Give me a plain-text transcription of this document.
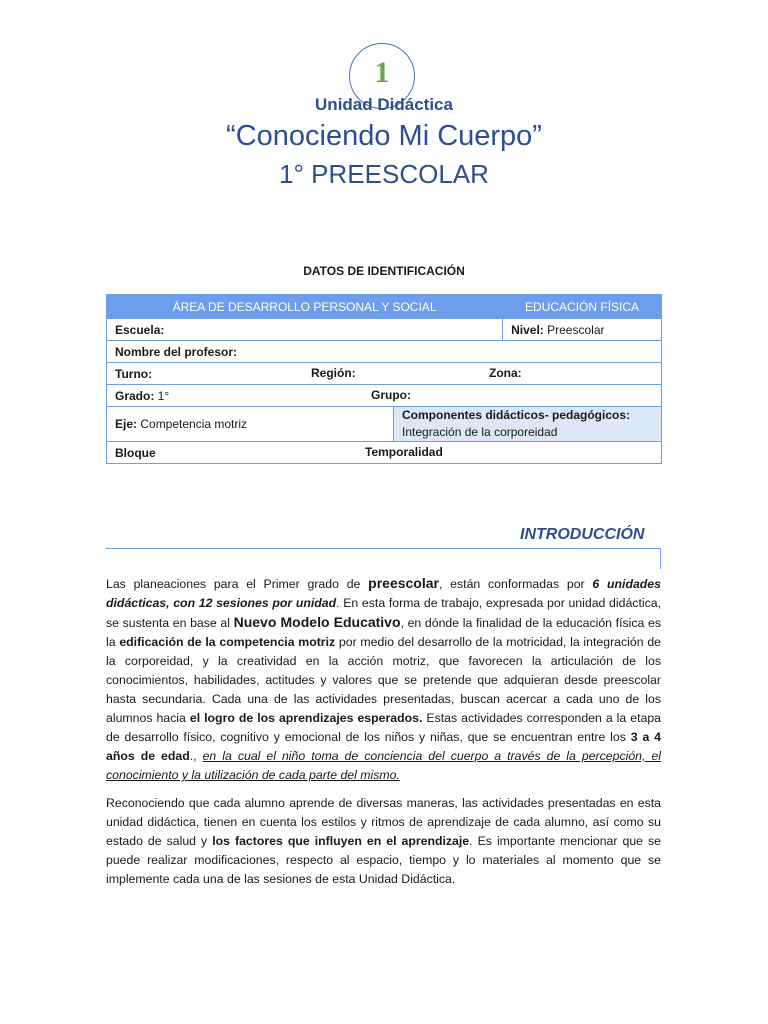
1
Unidad Didáctica
“Conociendo Mi Cuerpo”
1° PREESCOLAR
DATOS DE IDENTIFICACIÓN
ÁREA DE DESARROLLO PERSONAL Y SOCIAL		EDUCACIÓN FÍSICA
Escuela:		Nivel: Preescolar
Nombre del profesor:		
Turno: Región: Zona:		

Grado: 1° Grupo:		

Eje: Competencia motriz	Componentes didácticos- pedagógicos:
Integración de la corporeidad	

Bloque Temporalidad		
INTRODUCCIÓN

Las planeaciones para el Primer grado de preescolar, están conformadas por 6 unidades didácticas, con 12 sesiones por unidad. En esta forma de trabajo, expresada por unidad didáctica, se sustenta en base al Nuevo Modelo Educativo, en dónde la finalidad de la educación física es la edificación de la competencia motriz por medio del desarrollo de la motricidad, la integración de la corporeidad, y la creatividad en la acción motriz, que favorecen la articulación de los conocimientos, habilidades, actitudes y valores que se pretende que adquieran desde preescolar hasta secundaria. Cada una de las actividades presentadas, buscan acercar a cada uno de los alumnos hacia el logro de los aprendizajes esperados. Estas actividades corresponden a la etapa de desarrollo físico, cognitivo y emocional de los niños y niñas, que se encuentran entre los 3 a 4 años de edad., en la cual el niño toma de conciencia del cuerpo a través de la percepción, el conocimiento y la utilización de cada parte del mismo.

Reconociendo que cada alumno aprende de diversas maneras, las actividades presentadas en esta unidad didáctica, tienen en cuenta los estilos y ritmos de aprendizaje de cada alumno, así como su estado de salud y los factores que influyen en el aprendizaje. Es importante mencionar que se puede realizar modificaciones, respecto al espacio, tiempo y lo materiales al momento que se implemente cada una de las sesiones de esta Unidad Didáctica.
